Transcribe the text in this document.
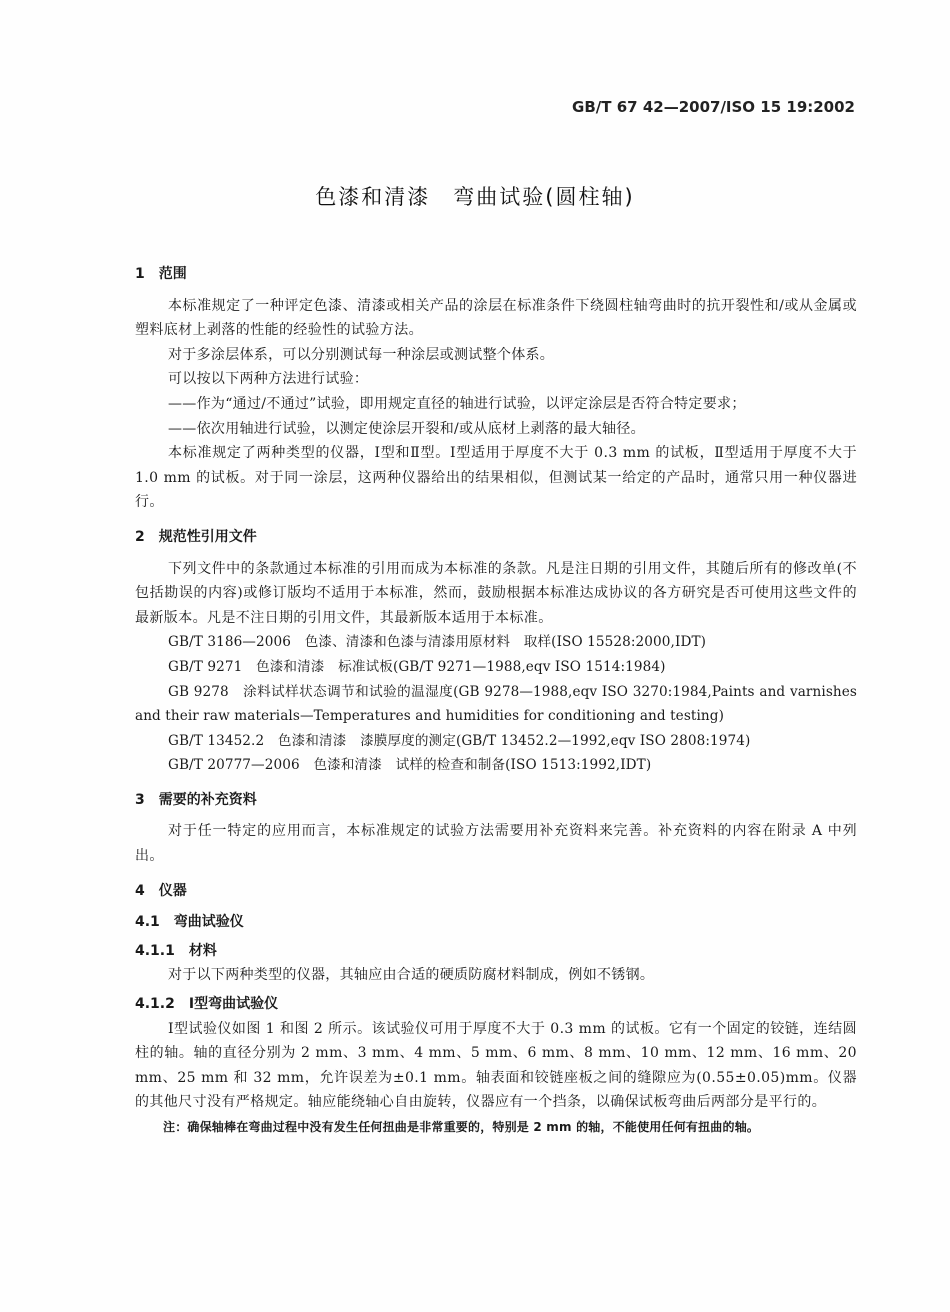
GB/T 67 42—2007/ISO 15 19:2002
色漆和清漆　弯曲试验(圆柱轴)
1　范围

本标准规定了一种评定色漆、清漆或相关产品的涂层在标准条件下绕圆柱轴弯曲时的抗开裂性和/或从金属或塑料底材上剥落的性能的经验性的试验方法。

对于多涂层体系，可以分别测试每一种涂层或测试整个体系。

可以按以下两种方法进行试验：

——作为“通过/不通过”试验，即用规定直径的轴进行试验，以评定涂层是否符合特定要求；

——依次用轴进行试验，以测定使涂层开裂和/或从底材上剥落的最大轴径。

本标准规定了两种类型的仪器，Ⅰ型和Ⅱ型。Ⅰ型适用于厚度不大于 0.3 mm 的试板，Ⅱ型适用于厚度不大于 1.0 mm 的试板。对于同一涂层，这两种仪器给出的结果相似，但测试某一给定的产品时，通常只用一种仪器进行。

2　规范性引用文件

下列文件中的条款通过本标准的引用而成为本标准的条款。凡是注日期的引用文件，其随后所有的修改单(不包括勘误的内容)或修订版均不适用于本标准，然而，鼓励根据本标准达成协议的各方研究是否可使用这些文件的最新版本。凡是不注日期的引用文件，其最新版本适用于本标准。

GB/T 3186—2006　色漆、清漆和色漆与清漆用原材料　取样(ISO 15528:2000,IDT)

GB/T 9271　色漆和清漆　标准试板(GB/T 9271—1988,eqv ISO 1514:1984)

GB 9278　涂料试样状态调节和试验的温湿度(GB 9278—1988,eqv ISO 3270:1984,Paints and varnishes and their raw materials—Temperatures and humidities for conditioning and testing)

GB/T 13452.2　色漆和清漆　漆膜厚度的测定(GB/T 13452.2—1992,eqv ISO 2808:1974)

GB/T 20777—2006　色漆和清漆　试样的检查和制备(ISO 1513:1992,IDT)

3　需要的补充资料

对于任一特定的应用而言，本标准规定的试验方法需要用补充资料来完善。补充资料的内容在附录 A 中列出。

4　仪器
4.1　弯曲试验仪
4.1.1　材料

对于以下两种类型的仪器，其轴应由合适的硬质防腐材料制成，例如不锈钢。

4.1.2　Ⅰ型弯曲试验仪

Ⅰ型试验仪如图 1 和图 2 所示。该试验仪可用于厚度不大于 0.3 mm 的试板。它有一个固定的铰链，连结圆柱的轴。轴的直径分别为 2 mm、3 mm、4 mm、5 mm、6 mm、8 mm、10 mm、12 mm、16 mm、20 mm、25 mm 和 32 mm，允许误差为±0.1 mm。轴表面和铰链座板之间的缝隙应为(0.55±0.05)mm。仪器的其他尺寸没有严格规定。轴应能绕轴心自由旋转，仪器应有一个挡条，以确保试板弯曲后两部分是平行的。

注：确保轴棒在弯曲过程中没有发生任何扭曲是非常重要的，特别是 2 mm 的轴，不能使用任何有扭曲的轴。
